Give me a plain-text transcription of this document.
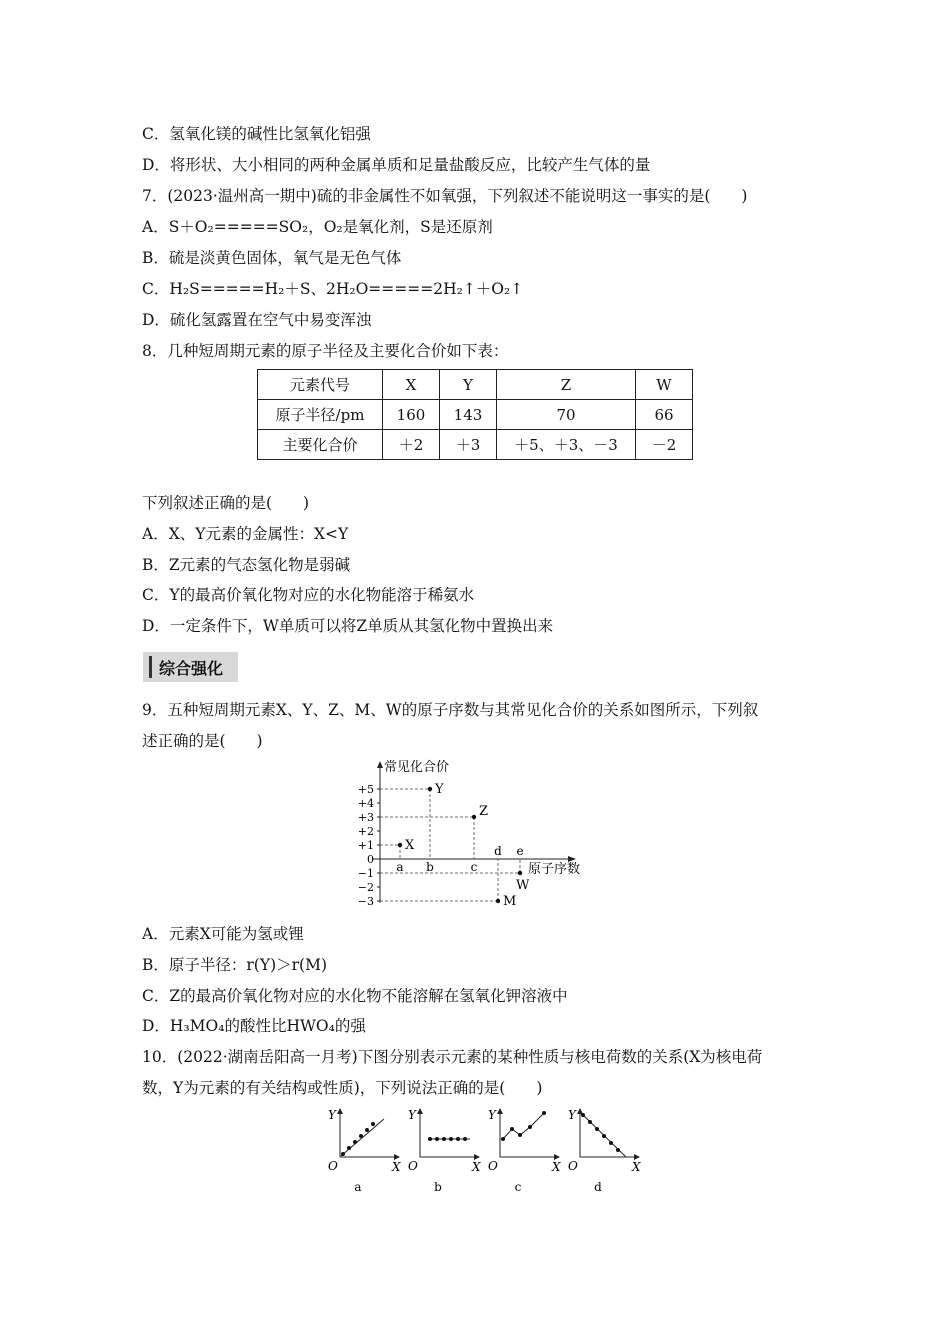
C．氢氧化镁的碱性比氢氧化铝强
D．将形状、大小相同的两种金属单质和足量盐酸反应，比较产生气体的量
7．(2023·温州高一期中)硫的非金属性不如氧强，下列叙述不能说明这一事实的是(　　)
A．S＋O₂=====SO₂，O₂是氧化剂，S是还原剂
B．硫是淡黄色固体，氧气是无色气体
C．H₂S=====H₂＋S、2H₂O=====2H₂↑＋O₂↑
D．硫化氢露置在空气中易变浑浊
8．几种短周期元素的原子半径及主要化合价如下表：
元素代号	X	Y	Z	W
原子半径/pm	160	143	70	66
主要化合价	＋2	＋3	＋5、＋3、－3	－2
下列叙述正确的是(　　)
A．X、Y元素的金属性：X<Y
B．Z元素的气态氢化物是弱碱
C．Y的最高价氧化物对应的水化物能溶于稀氨水
D．一定条件下，W单质可以将Z单质从其氢化物中置换出来
综合强化
9．五种短周期元素X、Y、Z、M、W的原子序数与其常见化合价的关系如图所示，下列叙
述正确的是(　　)
常见化合价
原子序数
+5
+4
+3
+2
+1
0
−1
−2
−3
a b	c
d e
X
Y
Z
M
W
A．元素X可能为氢或锂
B．原子半径：r(Y)＞r(M)
C．Z的最高价氧化物对应的水化物不能溶解在氢氧化钾溶液中
D．H₃MO₄的酸性比HWO₄的强
10．(2022·湖南岳阳高一月考)下图分别表示元素的某种性质与核电荷数的关系(X为核电荷
数，Y为元素的有关结构或性质)，下列说法正确的是(　　)
Y
O	X
a
Y
O	X
b
Y
O	X
c
Y
O	X
d
